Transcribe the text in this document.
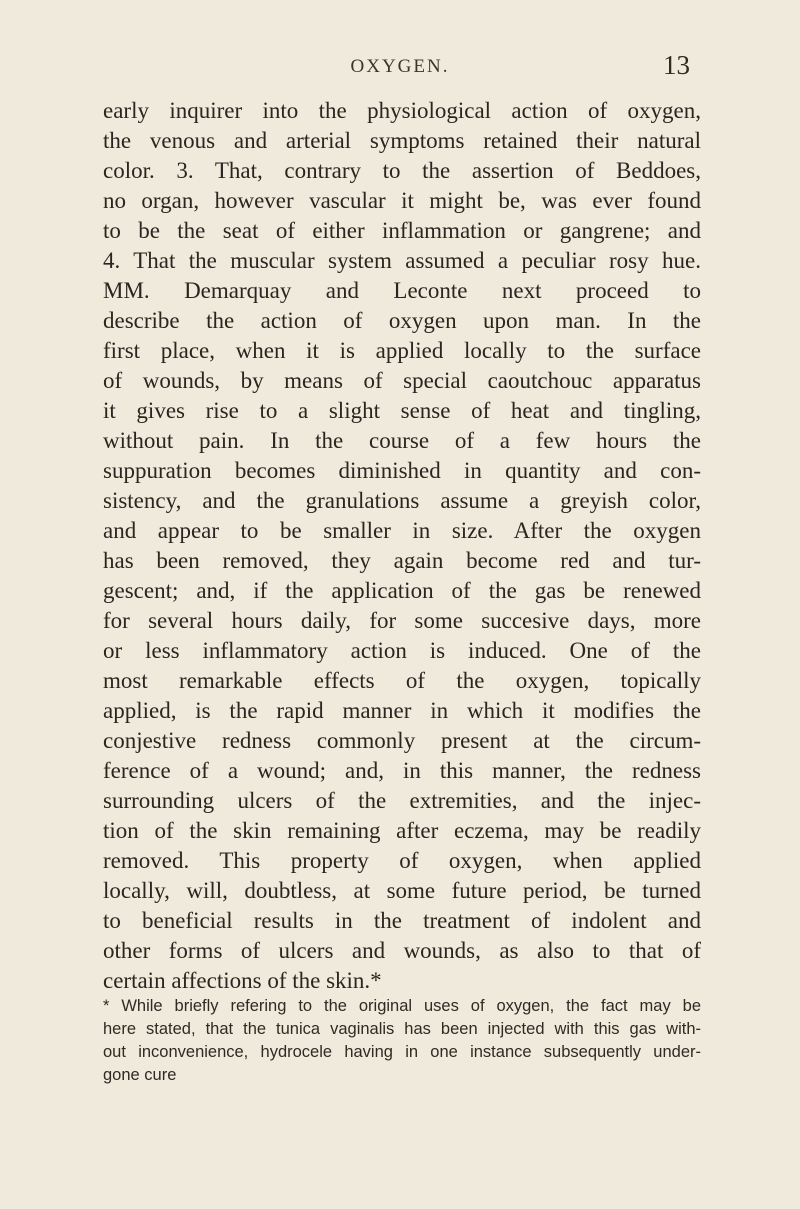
OXYGEN.	13
early inquirer into the physiological action of oxygen,
the venous and arterial symptoms retained their natural
color. 3. That, contrary to the assertion of Beddoes,
no organ, however vascular it might be, was ever found
to be the seat of either inflammation or gangrene; and
4. That the muscular system assumed a peculiar rosy hue.
MM. Demarquay and Leconte next proceed to
describe the action of oxygen upon man. In the
first place, when it is applied locally to the surface
of wounds, by means of special caoutchouc apparatus
it gives rise to a slight sense of heat and tingling,
without pain. In the course of a few hours the
suppuration becomes diminished in quantity and con-
sistency, and the granulations assume a greyish color,
and appear to be smaller in size. After the oxygen
has been removed, they again become red and tur-
gescent; and, if the application of the gas be renewed
for several hours daily, for some succesive days, more
or less inflammatory action is induced. One of the
most remarkable effects of the oxygen, topically
applied, is the rapid manner in which it modifies the
conjestive redness commonly present at the circum-
ference of a wound; and, in this manner, the redness
surrounding ulcers of the extremities, and the injec-
tion of the skin remaining after eczema, may be readily
removed. This property of oxygen, when applied
locally, will, doubtless, at some future period, be turned
to beneficial results in the treatment of indolent and
other forms of ulcers and wounds, as also to that of
certain affections of the skin.*
* While briefly refering to the original uses of oxygen, the fact may be
here stated, that the tunica vaginalis has been injected with this gas with-
out inconvenience, hydrocele having in one instance subsequently under-
gone cure
